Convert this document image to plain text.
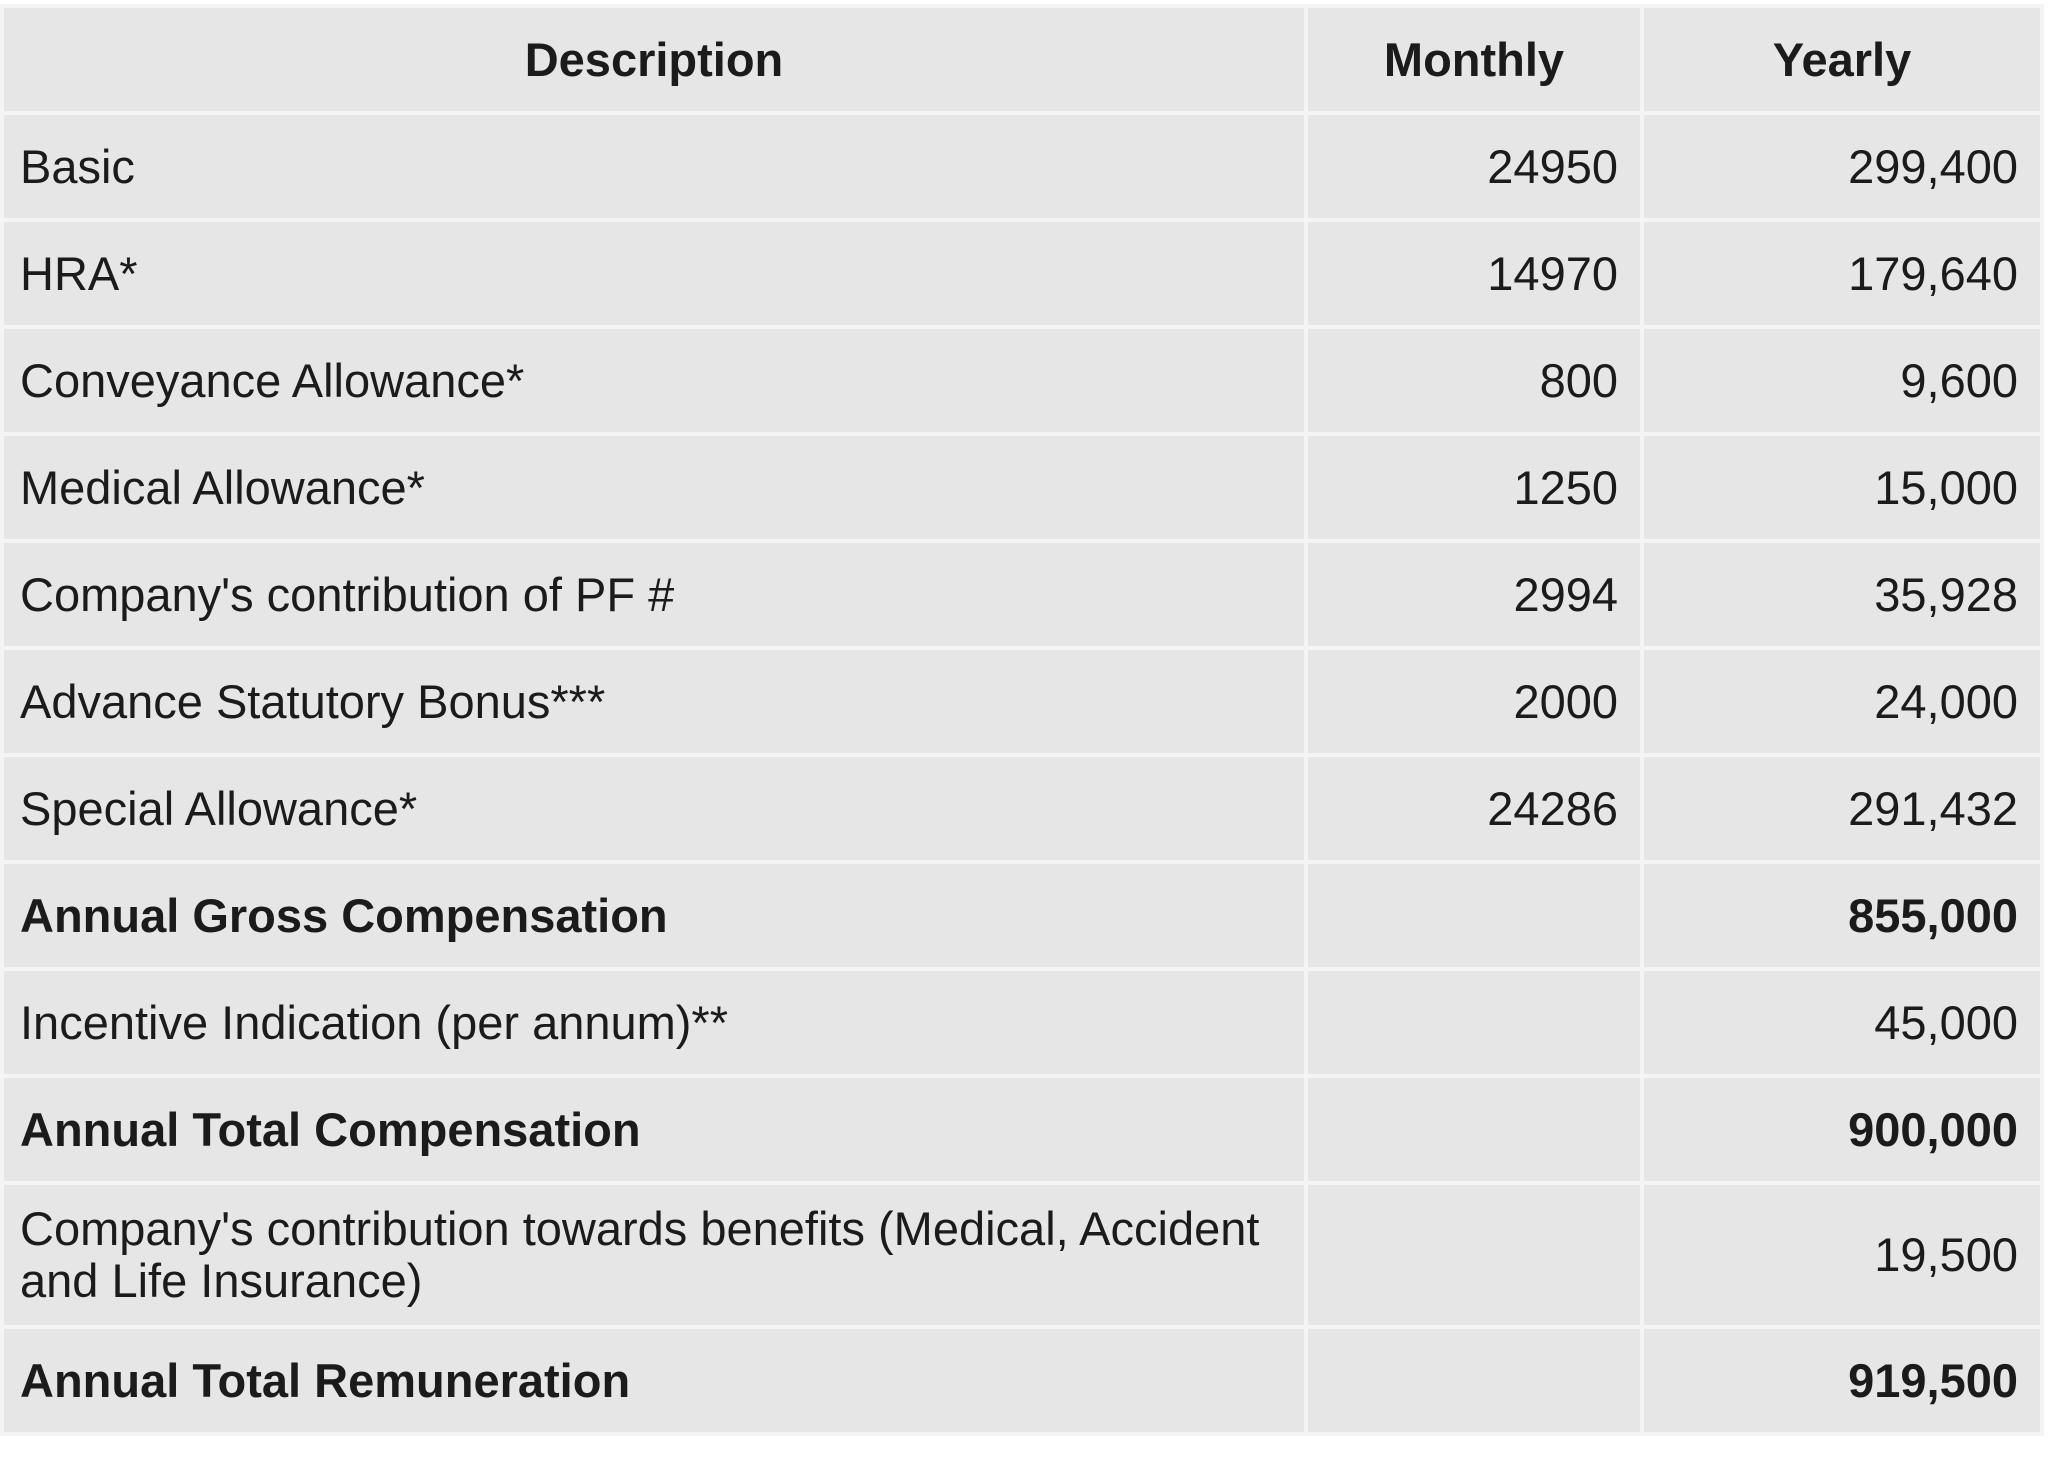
Description	Monthly	Yearly
Basic	24950	299,400
HRA*	14970	179,640
Conveyance Allowance*	800	9,600
Medical Allowance*	1250	15,000
Company's contribution of PF #	2994	35,928
Advance Statutory Bonus***	2000	24,000
Special Allowance*	24286	291,432
Annual Gross Compensation		855,000
Incentive Indication (per annum)**		45,000
Annual Total Compensation		900,000
Company's contribution towards benefits (Medical, Accident and Life Insurance)		19,500
Annual Total Remuneration		919,500
